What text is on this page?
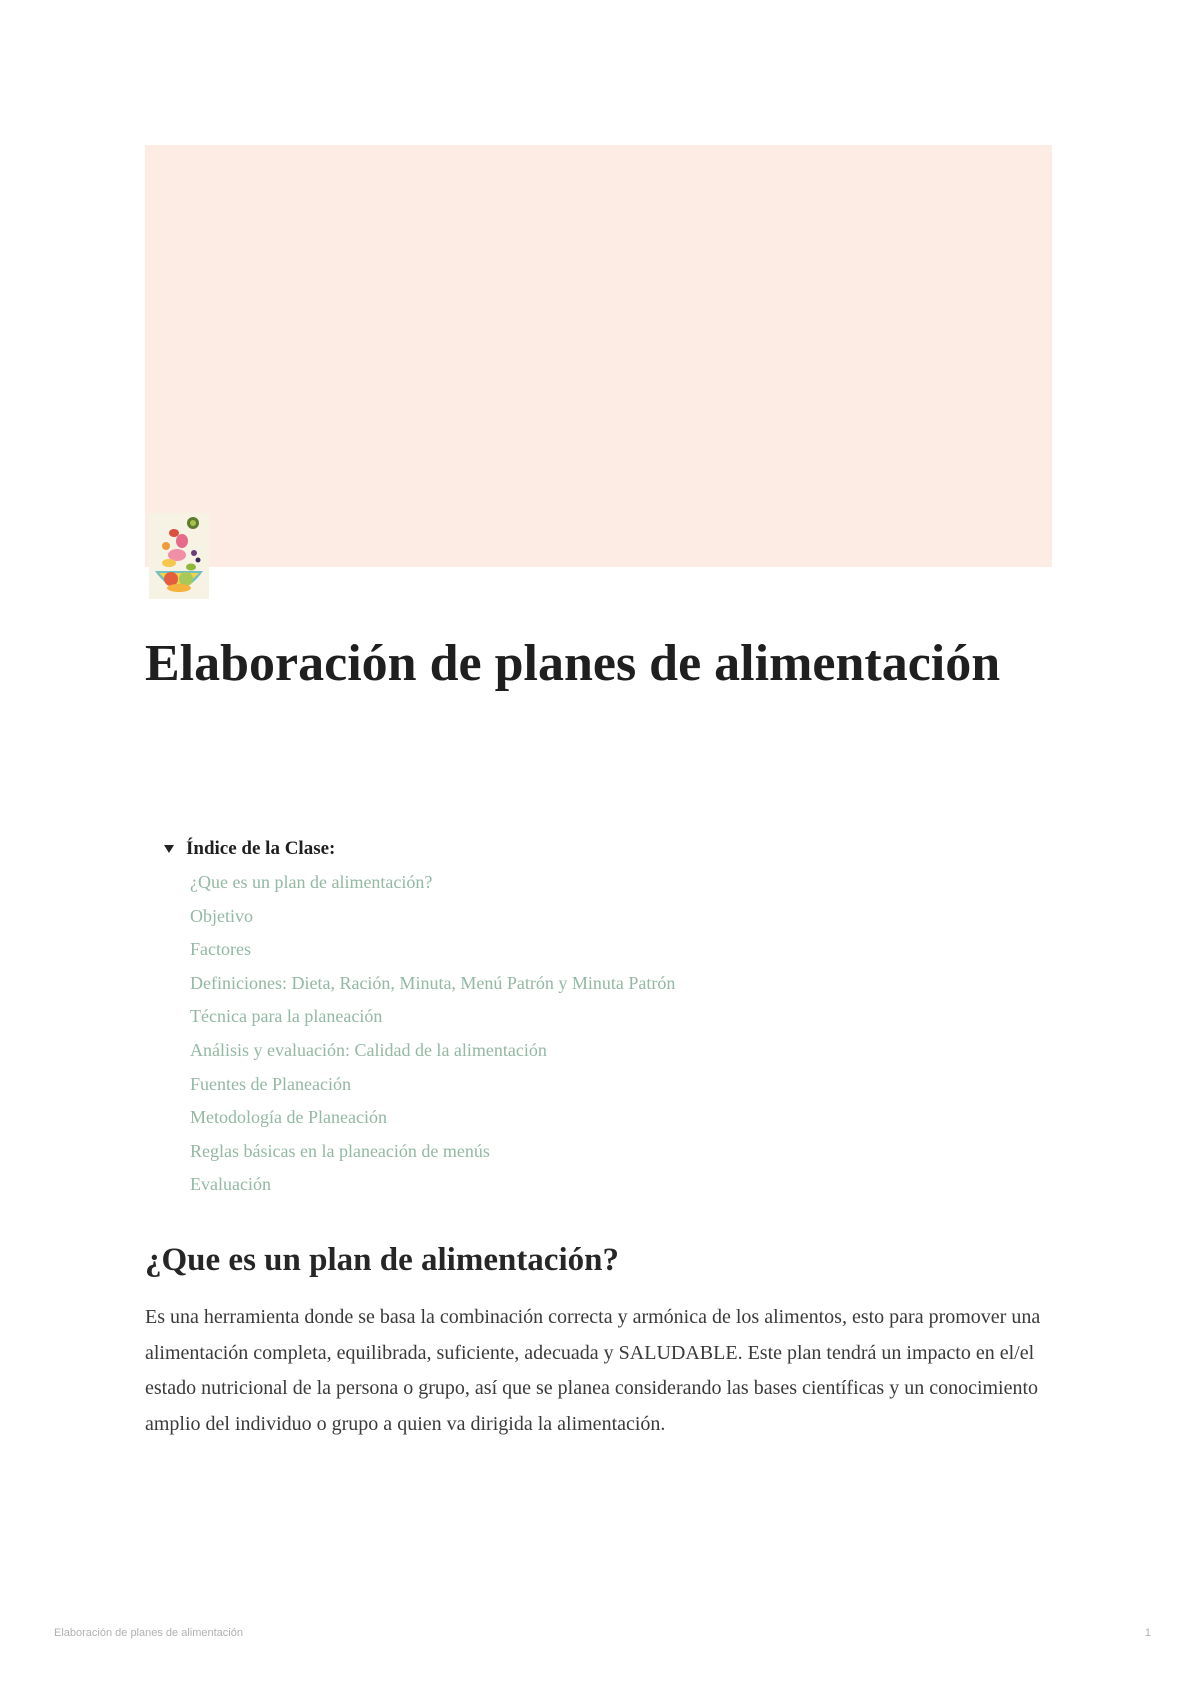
Elaboración de planes de alimentación
Índice de la Clase:
¿Que es un plan de alimentación?
Objetivo
Factores
Definiciones: Dieta, Ración, Minuta, Menú Patrón y Minuta Patrón
Técnica para la planeación
Análisis y evaluación: Calidad de la alimentación
Fuentes de Planeación
Metodología de Planeación
Reglas básicas en la planeación de menús
Evaluación
¿Que es un plan de alimentación?

Es una herramienta donde se basa la combinación correcta y armónica de los alimentos, esto para promover una alimentación completa, equilibrada, suficiente, adecuada y SALUDABLE. Este plan tendrá un impacto en el/el estado nutricional de la persona o grupo, así que se planea considerando las bases científicas y un conocimiento amplio del individuo o grupo a quien va dirigida la alimentación.

Elaboración de planes de alimentación	1
